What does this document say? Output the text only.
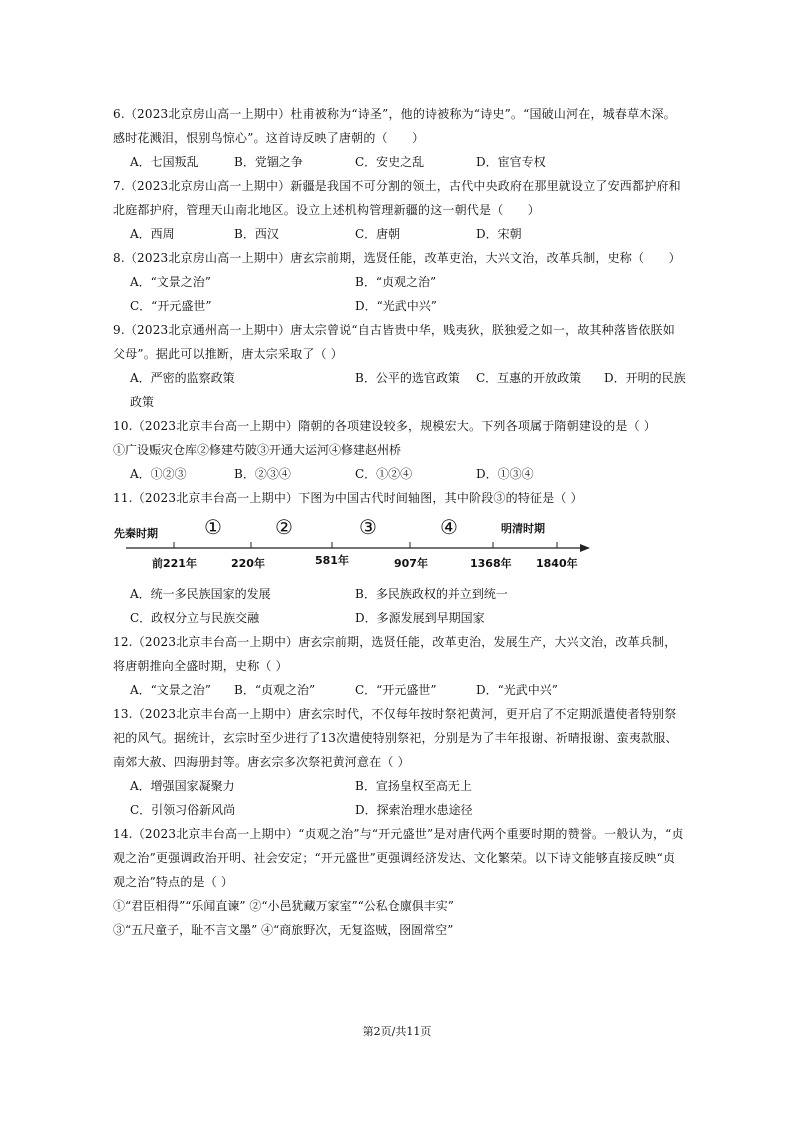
6.（2023北京房山高一上期中）杜甫被称为“诗圣”，他的诗被称为“诗史”。“国破山河在，城春草木深。感时花溅泪，恨别鸟惊心”。这首诗反映了唐朝的（　　）

A．七国叛乱	B．党锢之争	C．安史之乱	D．宦官专权

7.（2023北京房山高一上期中）新疆是我国不可分割的领土，古代中央政府在那里就设立了安西都护府和北庭都护府，管理天山南北地区。设立上述机构管理新疆的这一朝代是（　　）

A．西周	B．西汉	C．唐朝	D．宋朝

8.（2023北京房山高一上期中）唐玄宗前期，选贤任能，改革吏治，大兴文治，改革兵制，史称（　　）

A．“文景之治”	B．“贞观之治”
C．“开元盛世”	D．“光武中兴”

9.（2023北京通州高一上期中）唐太宗曾说“自古皆贵中华，贱夷狄，朕独爱之如一，故其种落皆依朕如父母”。据此可以推断，唐太宗采取了（ ）

A．严密的监察政策	B．公平的选官政策 C．互惠的开放政策 D．开明的民族
政策

10.（2023北京丰台高一上期中）隋朝的各项建设较多，规模宏大。下列各项属于隋朝建设的是（ ）

①广设赈灾仓库②修建芍陂③开通大运河④修建赵州桥
A．①②③	B．②③④	C．①②④	D．①③④

11.（2023北京丰台高一上期中）下图为中国古代时间轴图，其中阶段③的特征是（ ）

先秦时期	明清时期
①	②	③	④
前221年	220年	581年	907年	1368年 1840年
A．统一多民族国家的发展	B．多民族政权的并立到统一
C．政权分立与民族交融	D．多源发展到早期国家

12.（2023北京丰台高一上期中）唐玄宗前期，选贤任能，改革吏治，发展生产，大兴文治，改革兵制，将唐朝推向全盛时期，史称（ ）

A．“文景之治” B．“贞观之治”	C．“开元盛世”	D．“光武中兴”

13.（2023北京丰台高一上期中）唐玄宗时代，不仅每年按时祭祀黄河，更开启了不定期派遣使者特别祭祀的风气。据统计，玄宗时至少进行了13次遣使特别祭祀，分别是为了丰年报谢、祈晴报谢、蛮夷款服、南郊大赦、四海册封等。唐玄宗多次祭祀黄河意在（ ）

A．增强国家凝聚力	B．宣扬皇权至高无上
C．引领习俗新风尚	D．探索治理水患途径

14.（2023北京丰台高一上期中）“贞观之治”与“开元盛世”是对唐代两个重要时期的赞誉。一般认为，“贞观之治”更强调政治开明、社会安定；“开元盛世”更强调经济发达、文化繁荣。以下诗文能够直接反映“贞观之治”特点的是（ ）

①“君臣相得”“乐闻直谏” ②“小邑犹藏万家室”“公私仓廪俱丰实”
③“五尺童子，耻不言文墨” ④“商旅野次，无复盗贼，囹圄常空”
第2页/共11页
